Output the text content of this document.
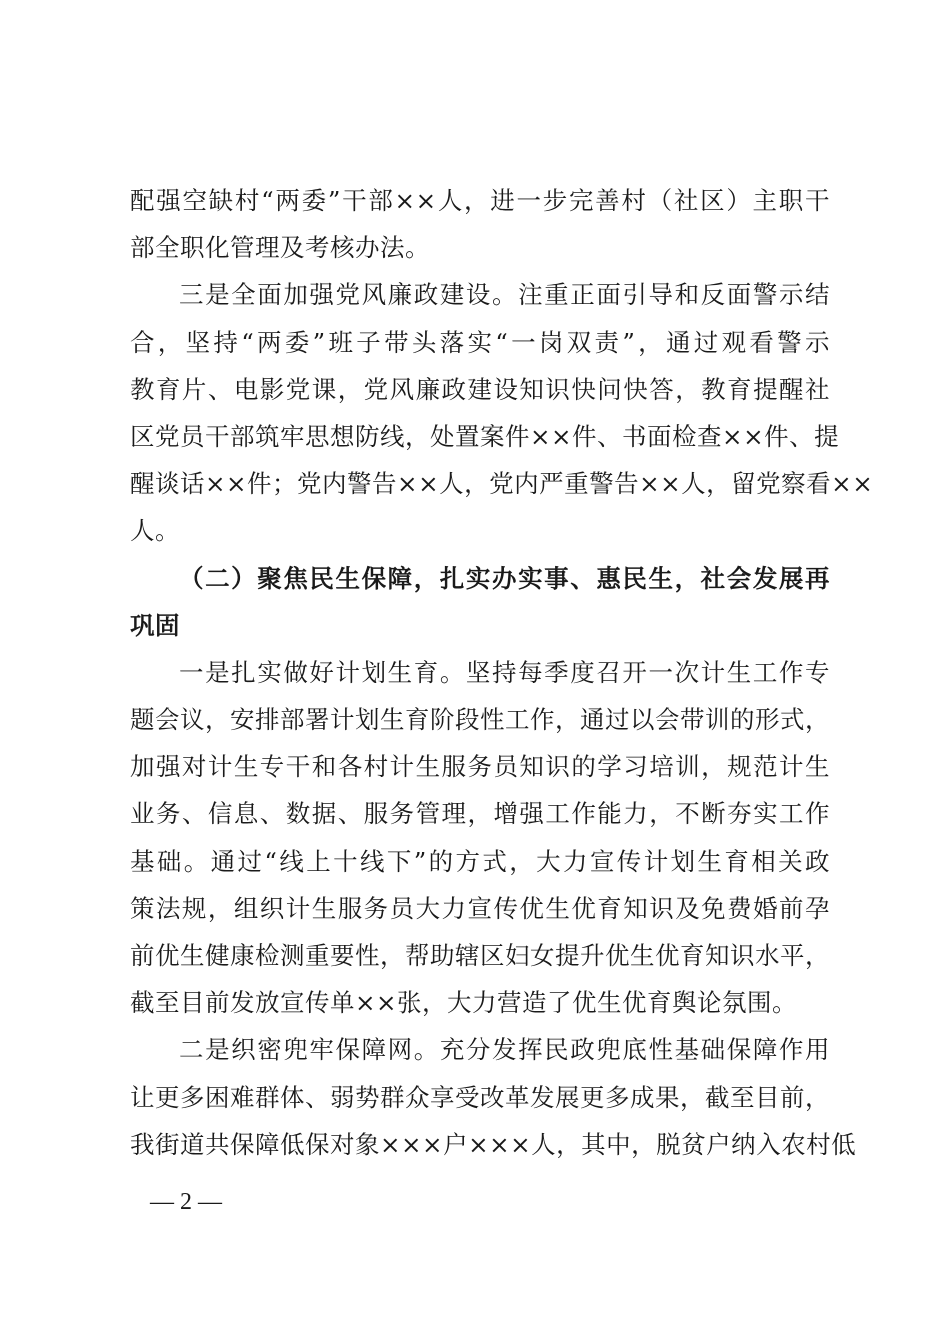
配强空缺村“两委”干部××人，进一步完善村（社区）主职干
部全职化管理及考核办法。
三是全面加强党风廉政建设。注重正面引导和反面警示结
合，坚持“两委”班子带头落实“一岗双责”，通过观看警示
教育片、电影党课，党风廉政建设知识快问快答，教育提醒社
区党员干部筑牢思想防线，处置案件××件、书面检查××件、提
醒谈话××件；党内警告××人，党内严重警告××人，留党察看××
人。
（二）聚焦民生保障，扎实办实事、惠民生，社会发展再
巩固
一是扎实做好计划生育。坚持每季度召开一次计生工作专
题会议，安排部署计划生育阶段性工作，通过以会带训的形式，
加强对计生专干和各村计生服务员知识的学习培训，规范计生
业务、信息、数据、服务管理，增强工作能力，不断夯实工作
基础。通过“线上十线下”的方式，大力宣传计划生育相关政
策法规，组织计生服务员大力宣传优生优育知识及免费婚前孕
前优生健康检测重要性，帮助辖区妇女提升优生优育知识水平，
截至目前发放宣传单××张，大力营造了优生优育舆论氛围。
二是织密兜牢保障网。充分发挥民政兜底性基础保障作用
让更多困难群体、弱势群众享受改革发展更多成果，截至目前，
我街道共保障低保对象×××户×××人，其中，脱贫户纳入农村低
— 2 —
